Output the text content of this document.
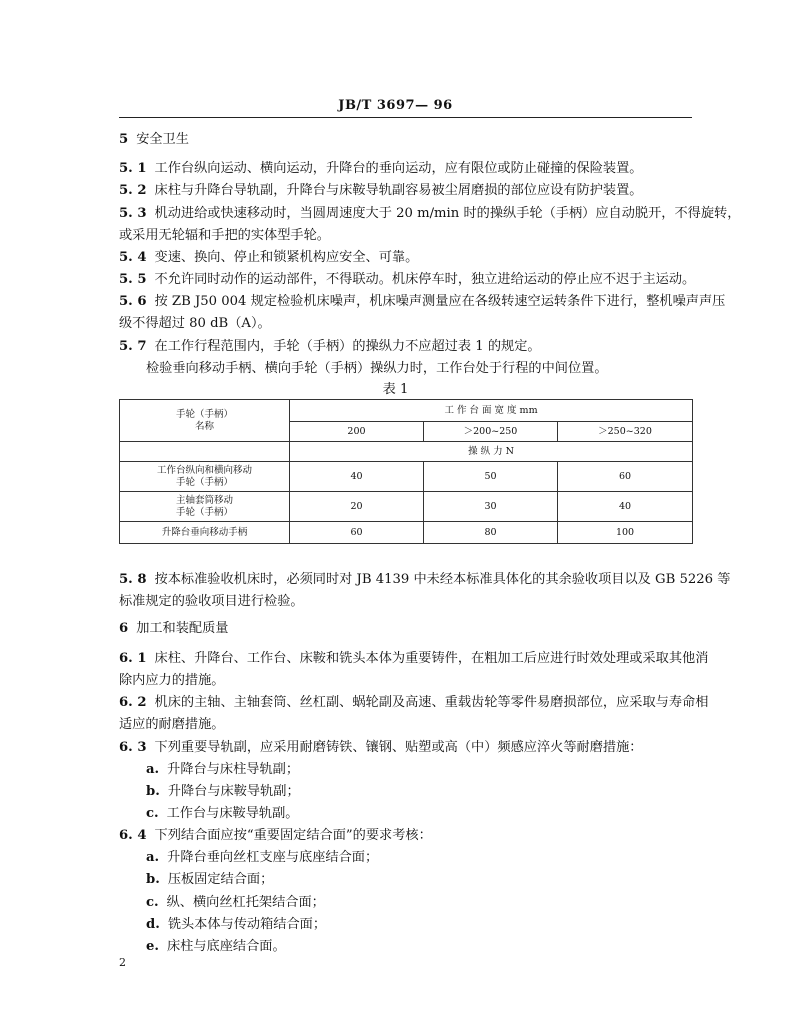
JB/T 3697— 96
5 安全卫生
5. 1 工作台纵向运动、横向运动，升降台的垂向运动，应有限位或防止碰撞的保险装置。
5. 2 床柱与升降台导轨副，升降台与床鞍导轨副容易被尘屑磨损的部位应设有防护装置。
5. 3 机动进给或快速移动时，当圆周速度大于 20 m/min 时的操纵手轮（手柄）应自动脱开，不得旋转，
或采用无轮辐和手把的实体型手轮。
5. 4 变速、换向、停止和锁紧机构应安全、可靠。
5. 5 不允许同时动作的运动部件，不得联动。机床停车时，独立进给运动的停止应不迟于主运动。
5. 6 按 ZB J50 004 规定检验机床噪声，机床噪声测量应在各级转速空运转条件下进行，整机噪声声压
级不得超过 80 dB（A）。
5. 7 在工作行程范围内，手轮（手柄）的操纵力不应超过表 1 的规定。
检验垂向移动手柄、横向手轮（手柄）操纵力时，工作台处于行程的中间位置。
表 1
5. 8 按本标准验收机床时，必须同时对 JB 4139 中未经本标准具体化的其余验收项目以及 GB 5226 等
标准规定的验收项目进行检验。
6 加工和装配质量
6. 1 床柱、升降台、工作台、床鞍和铣头本体为重要铸件，在粗加工后应进行时效处理或采取其他消
除内应力的措施。
6. 2 机床的主轴、主轴套筒、丝杠副、蜗轮副及高速、重载齿轮等零件易磨损部位，应采取与寿命相
适应的耐磨措施。
6. 3 下列重要导轨副，应采用耐磨铸铁、镶钢、贴塑或高（中）频感应淬火等耐磨措施：
a. 升降台与床柱导轨副；
b. 升降台与床鞍导轨副；
c. 工作台与床鞍导轨副。
6. 4 下列结合面应按“重要固定结合面”的要求考核：
a. 升降台垂向丝杠支座与底座结合面；
b. 压板固定结合面；
c. 纵、横向丝杠托架结合面；
d. 铣头本体与传动箱结合面；
e. 床柱与底座结合面。
手轮（手柄）
名称	工 作 台 面 宽 度 mm		
	200	＞200~250	＞250~320
	操 纵 力 N		
工作台纵向和横向移动
手轮（手柄）	40	50	60
主轴套筒移动
手轮（手柄）	20	30	40
升降台垂向移动手柄	60	80	100
2
